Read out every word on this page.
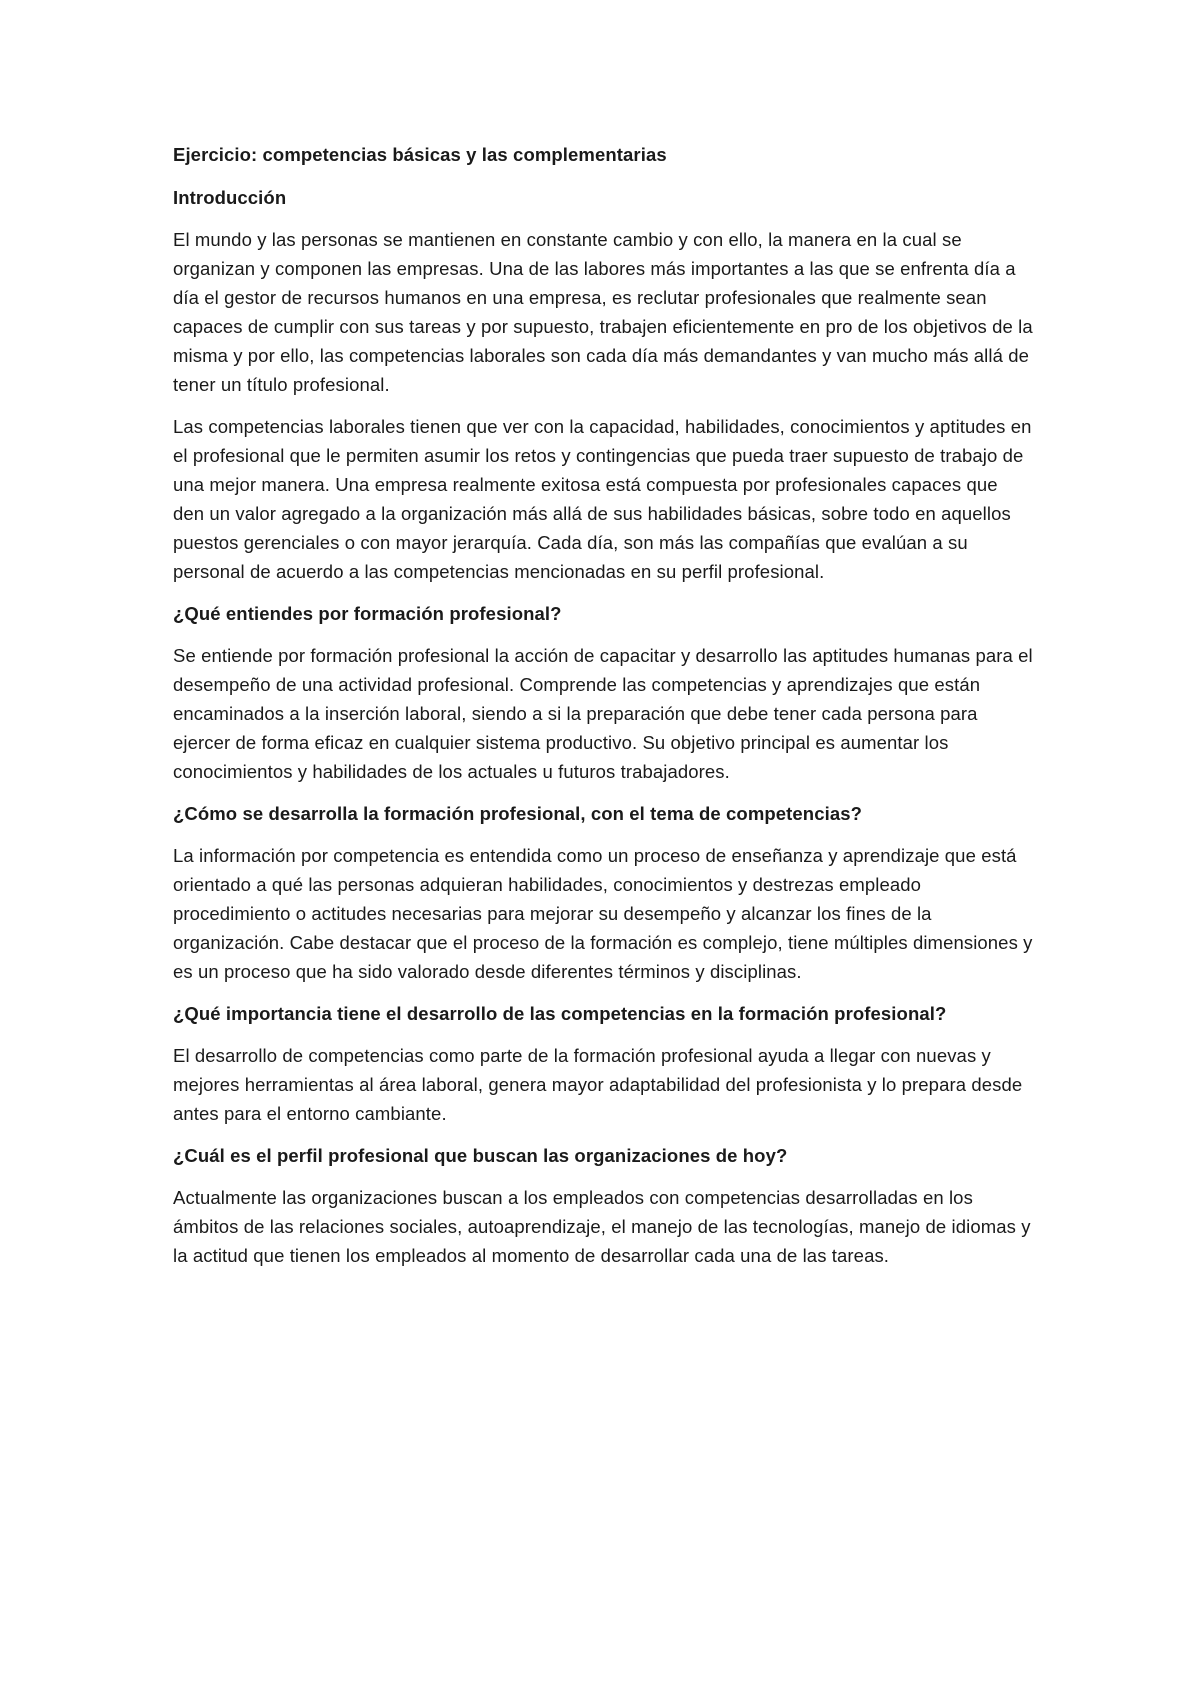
Ejercicio: competencias básicas y las complementarias

Introducción

El mundo y las personas se mantienen en constante cambio y con ello, la manera en la cual se organizan y componen las empresas. Una de las labores más importantes a las que se enfrenta día a día el gestor de recursos humanos en una empresa, es reclutar profesionales que realmente sean capaces de cumplir con sus tareas y por supuesto, trabajen eficientemente en pro de los objetivos de la misma y por ello, las competencias laborales son cada día más demandantes y van mucho más allá de tener un título profesional.

Las competencias laborales tienen que ver con la capacidad, habilidades, conocimientos y aptitudes en el profesional que le permiten asumir los retos y contingencias que pueda traer supuesto de trabajo de una mejor manera. Una empresa realmente exitosa está compuesta por profesionales capaces que den un valor agregado a la organización más allá de sus habilidades básicas, sobre todo en aquellos puestos gerenciales o con mayor jerarquía. Cada día, son más las compañías que evalúan a su personal de acuerdo a las competencias mencionadas en su perfil profesional.

¿Qué entiendes por formación profesional?

Se entiende por formación profesional la acción de capacitar y desarrollo las aptitudes humanas para el desempeño de una actividad profesional. Comprende las competencias y aprendizajes que están encaminados a la inserción laboral, siendo a si la preparación que debe tener cada persona para ejercer de forma eficaz en cualquier sistema productivo. Su objetivo principal es aumentar los conocimientos y habilidades de los actuales u futuros trabajadores.

¿Cómo se desarrolla la formación profesional, con el tema de competencias?

La información por competencia es entendida como un proceso de enseñanza y aprendizaje que está orientado a qué las personas adquieran habilidades, conocimientos y destrezas empleado procedimiento o actitudes necesarias para mejorar su desempeño y alcanzar los fines de la organización. Cabe destacar que el proceso de la formación es complejo, tiene múltiples dimensiones y es un proceso que ha sido valorado desde diferentes términos y disciplinas.

¿Qué importancia tiene el desarrollo de las competencias en la formación profesional?

El desarrollo de competencias como parte de la formación profesional ayuda a llegar con nuevas y mejores herramientas al área laboral, genera mayor adaptabilidad del profesionista y lo prepara desde antes para el entorno cambiante.

¿Cuál es el perfil profesional que buscan las organizaciones de hoy?

Actualmente las organizaciones buscan a los empleados con competencias desarrolladas en los ámbitos de las relaciones sociales, autoaprendizaje, el manejo de las tecnologías, manejo de idiomas y la actitud que tienen los empleados al momento de desarrollar cada una de las tareas.
